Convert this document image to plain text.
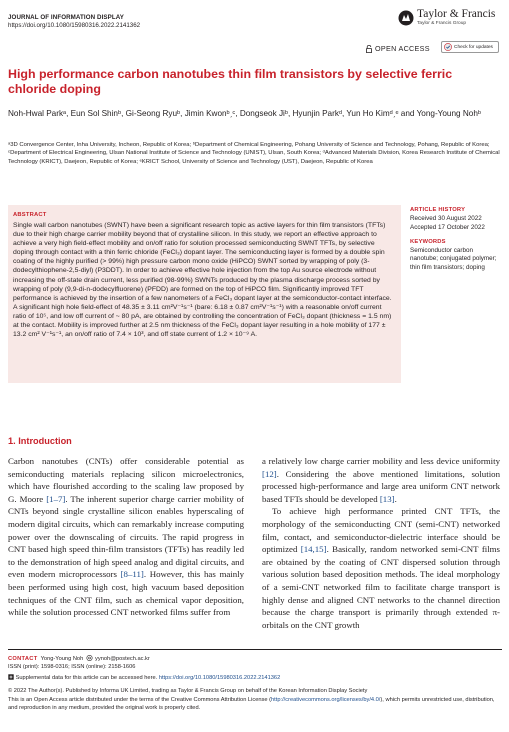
JOURNAL OF INFORMATION DISPLAY
https://doi.org/10.1080/15980316.2022.2141362
Taylor & Francis
Taylor & Francis Group
OPEN ACCESS	Check for updates
High performance carbon nanotubes thin film transistors by selective ferric chloride doping
Noh-Hwal Parkᵃ, Eun Sol Shinᵇ, Gi-Seong Ryuᵇ, Jimin Kwonᵇˏᶜ, Dongseok Jiᵇ, Hyunjin Parkᵈ, Yun Ho Kimᵈˏᵉ and Yong-Young Nohᵇ
ᵃ3D Convergence Center, Inha University, Incheon, Republic of Korea; ᵇDepartment of Chemical Engineering, Pohang University of Science and Technology, Pohang, Republic of Korea; ᶜDepartment of Electrical Engineering, Ulsan National Institute of Science and Technology (UNIST), Ulsan, South Korea; ᵈAdvanced Materials Division, Korea Research Institute of Chemical Technology (KRICT), Daejeon, Republic of Korea; ᵉKRICT School, University of Science and Technology (UST), Daejeon, Republic of Korea
ABSTRACT
Single wall carbon nanotubes (SWNT) have been a significant research topic as active layers for thin film transistors (TFTs) due to their high charge carrier mobility beyond that of crystalline silicon. In this study, we report an effective approach to achieve a very high field-effect mobility and on/off ratio for solution processed semiconducting SWNT TFTs, by selective doping through contact with a thin ferric chloride (FeCl₃) dopant layer. The semiconducting layer is formed by a double spin coating of the highly purified (> 99%) high pressure carbon mono oxide (HiPCO) SWNT sorted by wrapping of poly (3-dodecylthiophene-2,5-diyl) (P3DDT). In order to achieve effective hole injection from the top Au source electrode without increasing the off-state drain current, less purified (98-99%) SWNTs produced by the plasma discharge process sorted by wrapping of poly (9,9-di-n-dodecylfluorene) (PFDD) are formed on the top of HiPCO film. Significantly improved TFT performance is achieved by the insertion of a few nanometers of a FeCl₃ dopant layer at the semiconductor-contact interface. A significant high hole field-effect of 48.35 ± 3.11 cm²V⁻¹s⁻¹ (bare: 6.18 ± 0.87 cm²V⁻¹s⁻¹) with a reasonable on/off current ratio of 10⁵, and low off current of ~ 80 pA, are obtained by controlling the concentration of FeCl₃ dopant (thickness = 1.5 nm) at the contact. Mobility is improved further at 2.5 nm thickness of the FeCl₃ dopant layer resulting in a hole mobility of 177 ± 13.2 cm² V⁻¹s⁻¹, an on/off ratio of 7.4 × 10³, and off state current of 1.2 × 10⁻⁹ A.
ARTICLE HISTORY
Received 30 August 2022
Accepted 17 October 2022
KEYWORDS
Semiconductor carbon nanotube; conjugated polymer; thin film transistors; doping
1. Introduction

Carbon nanotubes (CNTs) offer considerable potential as semiconducting materials replacing silicon microelectronics, which have flourished according to the scaling law proposed by G. Moore [1–7]. The inherent superior charge carrier mobility of CNTs beyond single crystalline silicon enables hyperscaling of modern digital circuits, which can remarkably increase computing power over the downscaling of circuits. The rapid progress in CNT based high speed thin-film transistors (TFTs) has readily led to the demonstration of high speed analog and digital circuits, and even modern microprocessors [8–11]. However, this has mainly been performed using high cost, high vacuum based deposition techniques of the CNT film, such as chemical vapor deposition, while the solution processed CNT networked films suffer from

a relatively low charge carrier mobility and less device uniformity [12]. Considering the above mentioned limitations, solution processed high-performance and large area uniform CNT network based TFTs should be developed [13].

To achieve high performance printed CNT TFTs, the morphology of the semiconducting CNT (semi-CNT) networked film, contact, and semiconductor-dielectric interface should be optimized [14,15]. Basically, random networked semi-CNT films are obtained by the coating of CNT dispersed solution through various solution based deposition methods. The ideal morphology of a semi-CNT networked film to facilitate charge transport is highly dense and aligned CNT networks to the channel direction because the charge transport is primarily through extended π-orbitals on the CNT growth

CONTACT Yong-Young Noh yynoh@postech.ac.kr
ISSN (print): 1598-0316; ISSN (online): 2158-1606
Supplemental data for this article can be accessed here. https://doi.org/10.1080/15980316.2022.2141362
© 2022 The Author(s). Published by Informa UK Limited, trading as Taylor & Francis Group on behalf of the Korean Information Display Society
This is an Open Access article distributed under the terms of the Creative Commons Attribution License (http://creativecommons.org/licenses/by/4.0/), which permits unrestricted use, distribution, and reproduction in any medium, provided the original work is properly cited.
